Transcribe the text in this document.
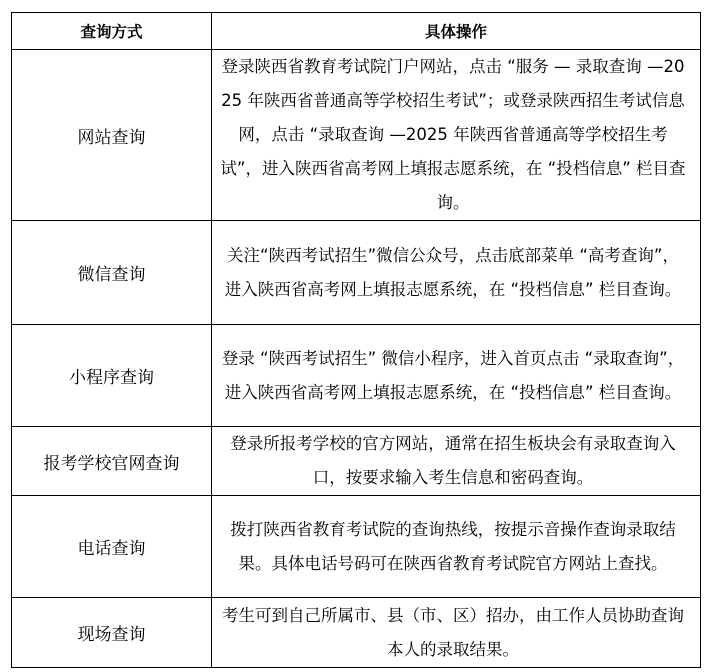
查询方式	具体操作
网站查询	登录陕西省教育考试院门户网站，点击 “服务 — 录取查询 —2025 年陕西省普通高等学校招生考试”；或登录陕西招生考试信息网，点击 “录取查询 —2025 年陕西省普通高等学校招生考试”，进入陕西省高考网上填报志愿系统，在 “投档信息” 栏目查询。
微信查询	关注“陕西考试招生”微信公众号，点击底部菜单 “高考查询”，进入陕西省高考网上填报志愿系统，在 “投档信息” 栏目查询。
小程序查询	登录 “陕西考试招生” 微信小程序，进入首页点击 “录取查询”，进入陕西省高考网上填报志愿系统，在 “投档信息” 栏目查询。
报考学校官网查询	登录所报考学校的官方网站，通常在招生板块会有录取查询入口，按要求输入考生信息和密码查询。
电话查询	拨打陕西省教育考试院的查询热线，按提示音操作查询录取结果。具体电话号码可在陕西省教育考试院官方网站上查找。
现场查询	考生可到自己所属市、县（市、区）招办，由工作人员协助查询本人的录取结果。
